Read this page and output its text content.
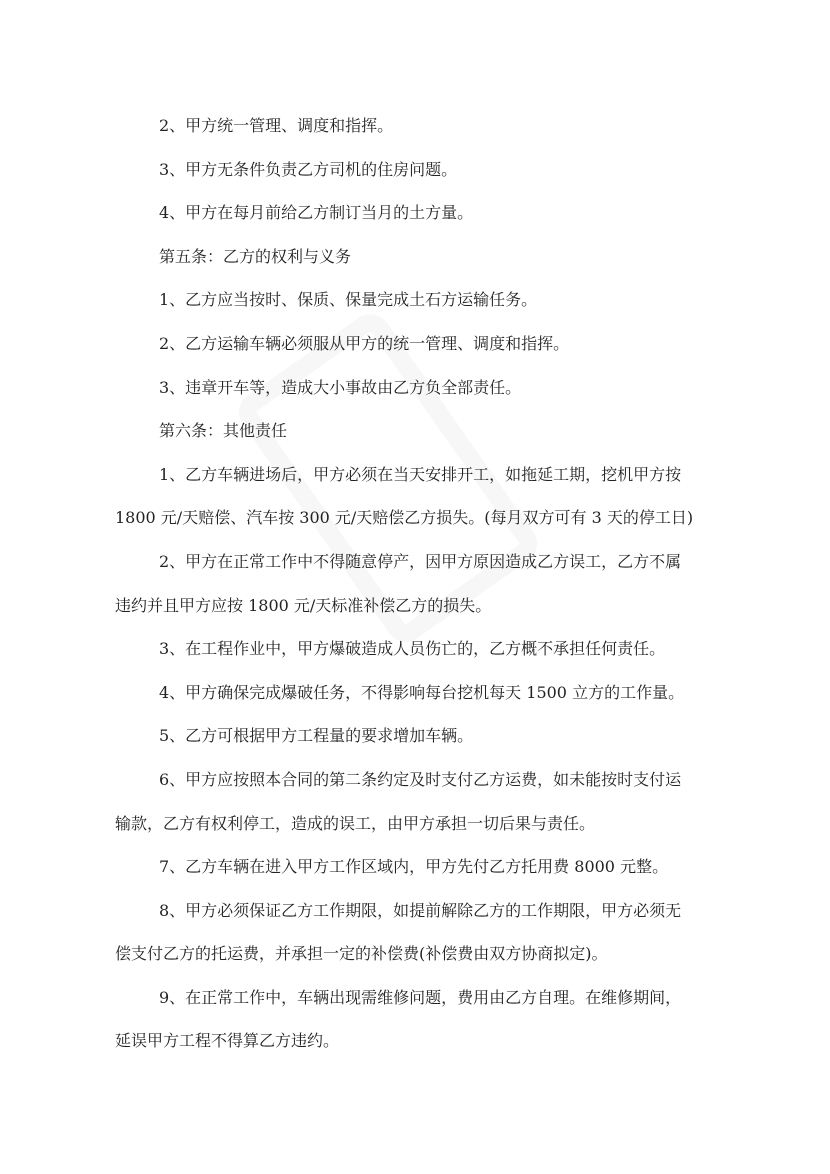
2、甲方统一管理、调度和指挥。
3、甲方无条件负责乙方司机的住房问题。
4、甲方在每月前给乙方制订当月的土方量。
第五条：乙方的权利与义务
1、乙方应当按时、保质、保量完成土石方运输任务。
2、乙方运输车辆必须服从甲方的统一管理、调度和指挥。
3、违章开车等，造成大小事故由乙方负全部责任。
第六条：其他责任
1、乙方车辆进场后，甲方必须在当天安排开工，如拖延工期，挖机甲方按
1800 元/天赔偿、汽车按 300 元/天赔偿乙方损失。(每月双方可有 3 天的停工日)
2、甲方在正常工作中不得随意停产，因甲方原因造成乙方误工，乙方不属
违约并且甲方应按 1800 元/天标准补偿乙方的损失。
3、在工程作业中，甲方爆破造成人员伤亡的，乙方概不承担任何责任。
4、甲方确保完成爆破任务，不得影响每台挖机每天 1500 立方的工作量。
5、乙方可根据甲方工程量的要求增加车辆。
6、甲方应按照本合同的第二条约定及时支付乙方运费，如未能按时支付运
输款，乙方有权利停工，造成的误工，由甲方承担一切后果与责任。
7、乙方车辆在进入甲方工作区域内，甲方先付乙方托用费 8000 元整。
8、甲方必须保证乙方工作期限，如提前解除乙方的工作期限，甲方必须无
偿支付乙方的托运费，并承担一定的补偿费(补偿费由双方协商拟定)。
9、在正常工作中，车辆出现需维修问题，费用由乙方自理。在维修期间，
延误甲方工程不得算乙方违约。
